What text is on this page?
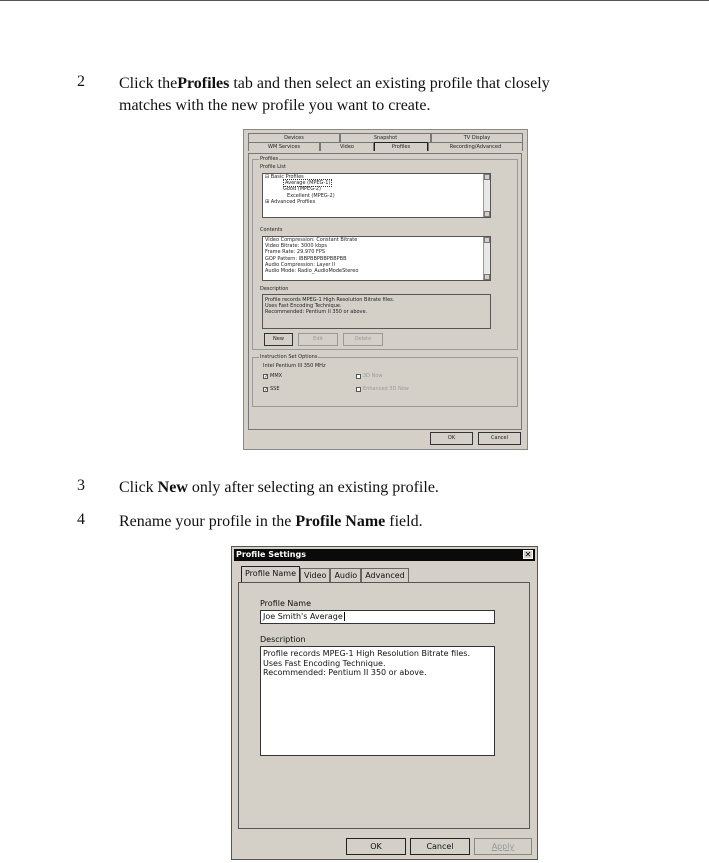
2 Click theProfiles tab and then select an existing profile that closely
matches with the new profile you want to create.
Devices	Snapshot	TV Display
WM Services	Video	Profiles	Recording/Advanced
Profiles
Profile List
⊟ Basic Profiles
Average (MPEG-1)
Good (MPEG-2)
Excellent (MPEG-2)
⊞ Advanced Profiles
Contents
Video Compression: Constant Bitrate
Video Bitrate: 3000 kbps
Frame Rate: 29.970 FPS
GOP Pattern: IBBPBBPBBPBBPBB
Audio Compression: Layer II
Audio Mode: Radio_AudioModeStereo
Description
Profile records MPEG-1 High Resolution Bitrate files.
Uses Fast Encoding Technique.
Recommended: Pentium II 350 or above.
New	Edit	Delete
Instruction Set Options
Intel Pentium III 350 MHz
✓ MMX	3D Now
✓ SSE	Enhanced 3D Now
OK	Cancel
3 Click New only after selecting an existing profile.
4 Rename your profile in the Profile Name field.
Profile Settings	✕
Profile Name	Video	Audio	Advanced
Profile Name
Joe Smith's Average
Description
Profile records MPEG-1 High Resolution Bitrate files.
Uses Fast Encoding Technique.
Recommended: Pentium II 350 or above.
OK	Cancel	Apply
